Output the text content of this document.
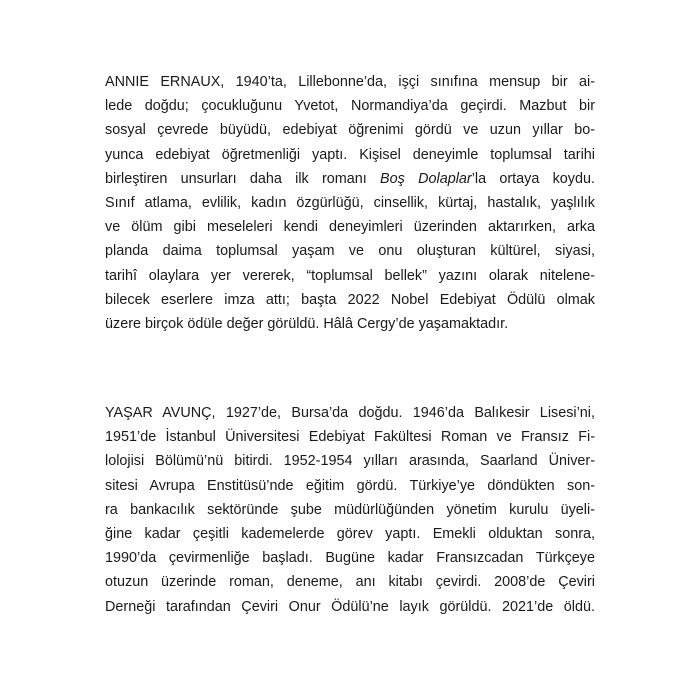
ANNIE ERNAUX, 1940’ta, Lillebonne’da, işçi sınıfına mensup bir ai-
lede doğdu; çocukluğunu Yvetot, Normandiya’da geçirdi. Mazbut bir
sosyal çevrede büyüdü, edebiyat öğrenimi gördü ve uzun yıllar bo-
yunca edebiyat öğretmenliği yaptı. Kişisel deneyimle toplumsal tarihi
birleştiren unsurları daha ilk romanı Boş Dolaplar’la ortaya koydu.
Sınıf atlama, evlilik, kadın özgürlüğü, cinsellik, kürtaj, hastalık, yaşlılık
ve ölüm gibi meseleleri kendi deneyimleri üzerinden aktarırken, arka
planda daima toplumsal yaşam ve onu oluşturan kültürel, siyasi,
tarihî olaylara yer vererek, “toplumsal bellek” yazını olarak nitelene-
bilecek eserlere imza attı; başta 2022 Nobel Edebiyat Ödülü olmak
üzere birçok ödüle değer görüldü. Hâlâ Cergy’de yaşamaktadır.
YAŞAR AVUNÇ, 1927’de, Bursa’da doğdu. 1946’da Balıkesir Lisesi’ni,
1951’de İstanbul Üniversitesi Edebiyat Fakültesi Roman ve Fransız Fi-
lolojisi Bölümü’nü bitirdi. 1952-1954 yılları arasında, Saarland Üniver-
sitesi Avrupa Enstitüsü’nde eğitim gördü. Türkiye’ye döndükten son-
ra bankacılık sektöründe şube müdürlüğünden yönetim kurulu üyeli-
ğine kadar çeşitli kademelerde görev yaptı. Emekli olduktan sonra,
1990’da çevirmenliğe başladı. Bugüne kadar Fransızcadan Türkçeye
otuzun üzerinde roman, deneme, anı kitabı çevirdi. 2008’de Çeviri
Derneği tarafından Çeviri Onur Ödülü’ne layık görüldü. 2021’de öldü.
